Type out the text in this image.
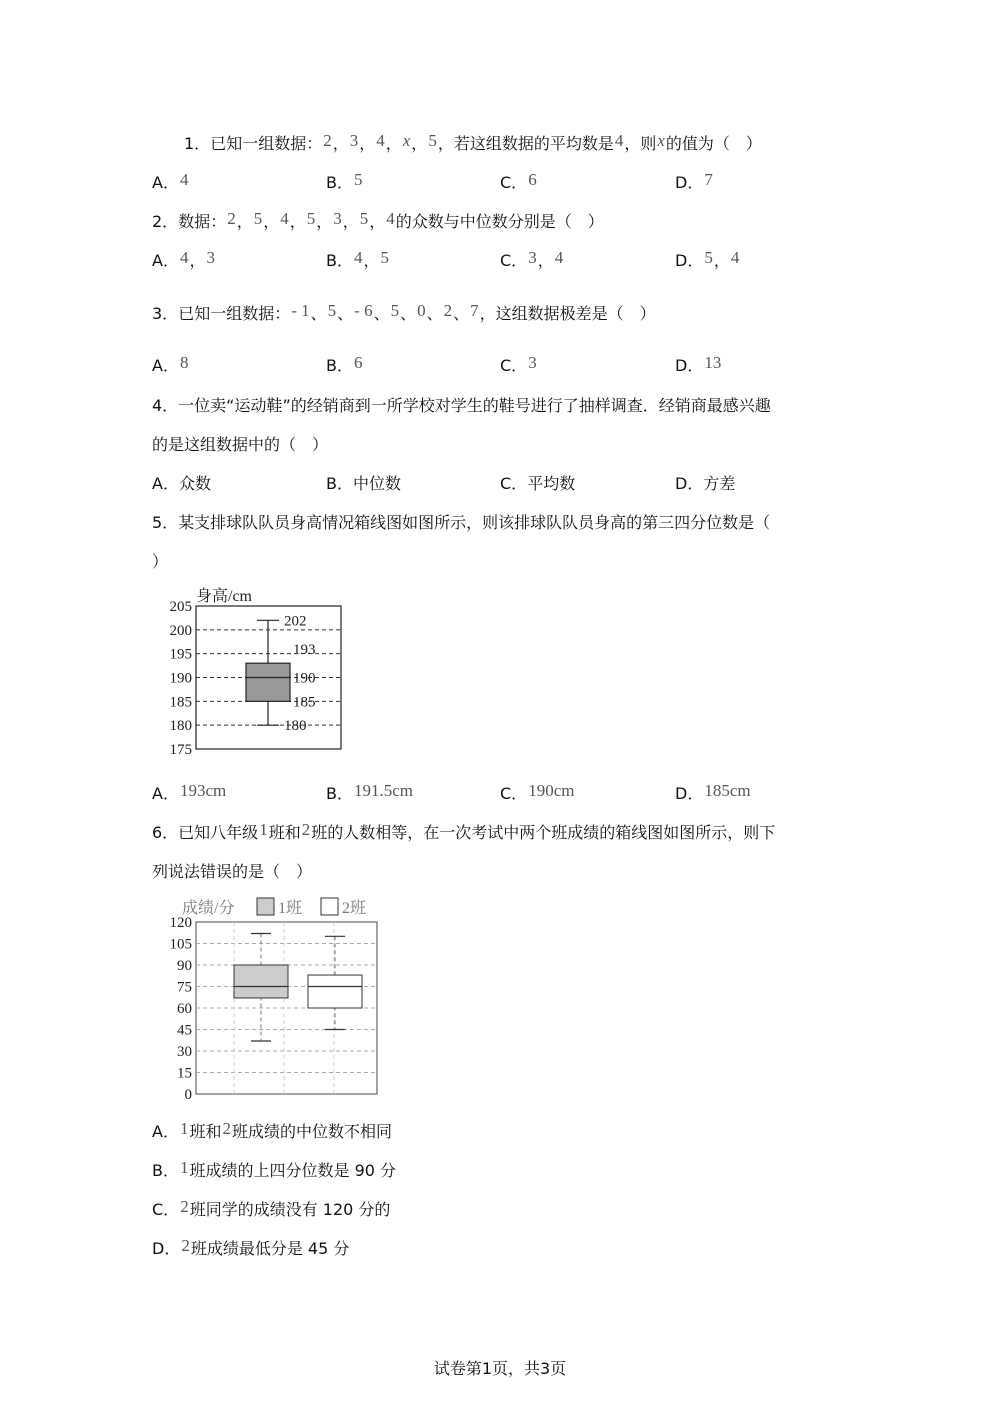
1．已知一组数据：2，3，4，x，5，若这组数据的平均数是4，则x的值为（　）
A．4	B．5	C．6	D．7
2．数据：2，5，4，5，3，5，4的众数与中位数分别是（　）
A．4，3	B．4，5	C．3，4	D．5，4
3．已知一组数据：- 1、5、- 6、5、0、2、7，这组数据极差是（　）
A．8	B．6	C．3	D．13
4．一位卖“运动鞋”的经销商到一所学校对学生的鞋号进行了抽样调查．经销商最感兴趣
的是这组数据中的（　）
A．众数	B．中位数	C．平均数	D．方差
5．某支排球队队员身高情况箱线图如图所示，则该排球队队员身高的第三四分位数是（
）
身高/cm
205
200
195
190
185
180
175
202
193
190
185
180
A．193cm	B．191.5cm	C．190cm	D．185cm
6．已知八年级1班和2班的人数相等，在一次考试中两个班成绩的箱线图如图所示，则下
列说法错误的是（　）
成绩/分	1班 2班
120
105
90
75
60
45
30
15
0
A．1班和2班成绩的中位数不相同
B．1班成绩的上四分位数是 90 分
C．2班同学的成绩没有 120 分的
D．2班成绩最低分是 45 分
试卷第1页，共3页
